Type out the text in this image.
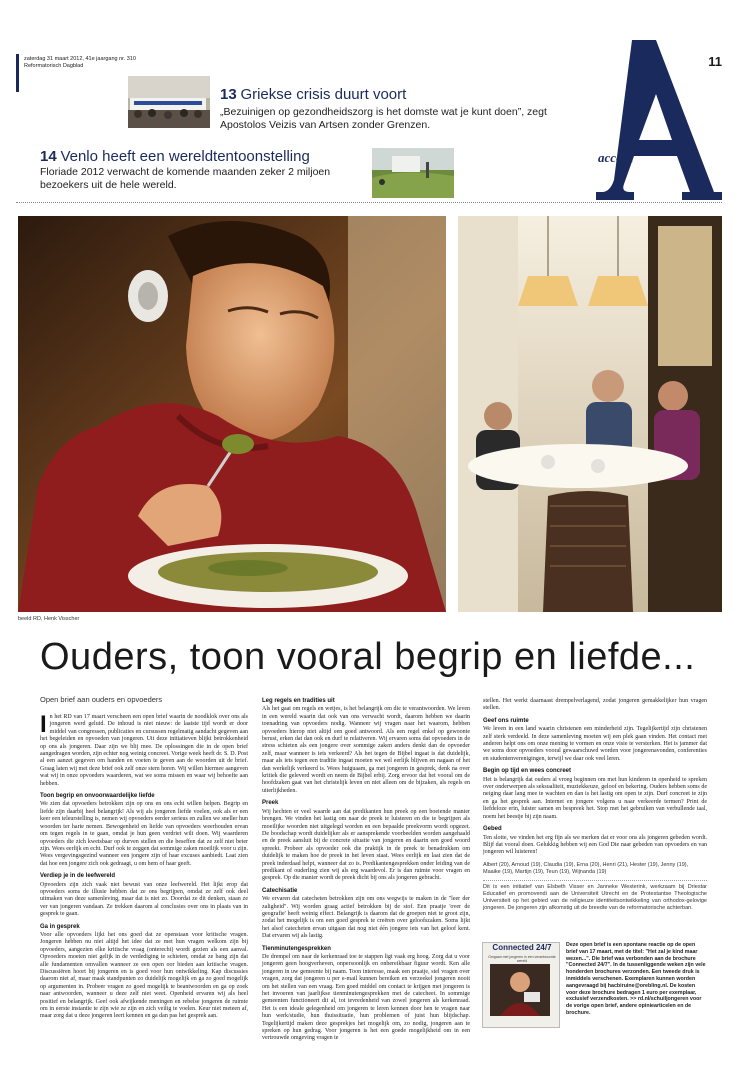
zaterdag 31 maart 2012, 41e jaargang nr. 310
Reformatorisch Dagblad	11
accent
13 Griekse crisis duurt voort
„Bezuinigen op gezondheidszorg is het domste wat je kunt doen”, zegt Apostolos Veizis van Artsen zonder Grenzen.
14 Venlo heeft een wereldtentoonstelling
Floriade 2012 verwacht de komende maanden zeker 2 miljoen bezoekers uit de hele wereld.
beeld RD, Henk Visscher
Ouders, toon vooral begrip en liefde...
Open brief aan ouders en opvoeders

In het RD van 17 maart verscheen een open brief waarin de noodklok over ons als jongeren werd geluid. De inhoud is niet nieuw: de laatste tijd wordt er door middel van congressen, publicaties en cursussen regelmatig aandacht gegeven aan het begeleiden en opvoeden van jongeren. Uit deze initiatieven blijkt betrokkenheid op ons als jongeren. Daar zijn we blij mee. De oplossingen die in de open brief aangedragen worden, zijn echter nog weinig concreet. Vorige week heeft dr. S. D. Post al een aanzet gegeven om handen en voeten te geven aan de woorden uit de brief. Graag laten wij met deze brief ook zelf onze stem horen. Wij willen hiermee aangeven wat wij in onze opvoeders waarderen, wat we soms missen en waar wij behoefte aan hebben.

Toon begrip en onvoorwaardelijke liefde

We zien dat opvoeders betrokken zijn op ons en ons echt willen helpen. Begrip en liefde zijn daarbij heel belangrijk! Als wij als jongeren liefde voelen, ook als er een keer een teleurstelling is, nemen wij opvoeders eerder serieus en zullen we sneller hun woorden ter harte nemen. Bewogenheid en liefde van opvoeders weerhouden ervan om tegen regels in te gaan, omdat je hun geen verdriet wilt doen. Wij waarderen opvoeders die zich kwetsbaar op durven stellen en die beseffen dat ze zelf niet beter zijn. Wees eerlijk en echt. Durf ook te zeggen dat sommige zaken moeilijk voor u zijn. Wees vergevingsgezind wanneer een jongere zijn of haar excuses aanbiedt. Laat zien dat hoe een jongere zich ook gedraagt, u om hem of haar geeft.

Verdiep je in de leefwereld

Opvoeders zijn zich vaak niet bewust van onze leefwereld. Het lijkt erop dat opvoeders soms de illusie hebben dat ze ons begrijpen, omdat ze zelf ook deel uitmaken van deze samenleving, maar dat is niet zo. Doordat ze dit denken, staan ze ver van jongeren vandaan. Ze trekken daarom al conclusies over ons in plaats van in gesprek te gaan.

Ga in gesprek

Voor alle opvoeders lijkt het ons goed dat ze openstaan voor kritische vragen. Jongeren hebben nu niet altijd het idee dat ze met hun vragen welkom zijn bij opvoeders, aangezien elke kritische vraag (onterecht) wordt gezien als een aanval. Opvoeders moeten niet gelijk in de verdediging te schieten, omdat ze bang zijn dat alle fundamenten omvallen wanneer ze een open oor bieden aan kritische vragen. Discussiëren hoort bij jongeren en is goed voor hun ontwikkeling. Kap discussies daarom niet af, maar maak standpunten zo duidelijk mogelijk en ga zo goed mogelijk op argumenten in. Probeer vragen zo goed mogelijk te beantwoorden en ga op zoek naar antwoorden, wanneer u deze zelf niet weet. Openheid ervaren wij als heel positief en belangrijk. Geef ook afwijkende meningen en rebelse jongeren de ruimte om in eerste instantie te zijn wie ze zijn en zich veilig te voelen. Keur niet meteen af, maar zorg dat u deze jongeren leert kennen en ga dan pas het gesprek aan.

Leg regels en tradities uit

Als het gaat om regels en wetjes, is het belangrijk om die te verantwoorden. We leven in een wereld waarin dat ook van ons verwacht wordt, daarom hebben we daarin toenadring van opvoeders nodig. Wanneer wij vragen naar het waarom, hebben opvoeders hierop niet altijd een goed antwoord. Als een regel enkel op gewoonte berust, erken dat dan ook en durf te relativeren. Wij ervaren soms dat opvoeders in de stress schieten als een jongere over sommige zaken anders denkt dan de opvoeder zelf, maar wanneer is iets verkeerd? Als het tegen de Bijbel ingaat is dat duidelijk, maar als iets tegen een traditie ingaat moeten we wel eerlijk blijven en nagaan of het dan werkelijk verkeerd is. Wees huiguaam, ga met jongeren in gesprek, denk na over kritiek die geleverd wordt en neem de Bijbel erbij. Zorg ervoor dat het vooral om de hoofdzaken gaat van het christelijk leven en niet alleen om de bijzaken, als regels en uiterlijkheden.

Preek

Wij hechten er veel waarde aan dat predikanten hun preek op een boeiende manier brengen. We vinden het lastig om naar de preek te luisteren en die te begrijpen als moeilijke woorden niet uitgelegd worden en een bepaalde preekvorm wordt opgezet. De boodschap wordt duidelijker als er aansprekende voorbeelden worden aangehaald en de preek aansluit bij de concrete situatie van jongeren en daarin een goed woord spreekt. Probeer als opvoeder ook die praktijk in de preek te benadrukken om duidelijk te maken hoe de preek in het leven staat. Wees eerlijk en laat zien dat de preek inderdaad helpt, wanneer dat zo is. Predikantengesprekken onder leiding van de predikant of ouderling zien wij als erg waardevol. Er is dan ruimte voor vragen en gesprek. Op die manier wordt de preek dicht bij ons als jongeren gebracht.

Catechisatie

We ervaren dat catecheten betrokken zijn om ons wegwijs te maken in de "leer der zaligheid". Wij worden graag actief betrokken bij de stof. Een praatje 'over de geografie' heeft weinig effect. Belangrijk is daarom dat de groepen niet te groot zijn, zodat het mogelijk is om een goed gesprek te creëren over geloofszaken. Soms lijkt het alsof catecheten ervan uitgaan dat nog niet één jongere iets van het geloof kent. Dat ervaren wij als lastig.

Tienminutengesprekken

De drempel om naar de kerkenraad toe te stappen ligt vaak erg hoog. Zorg dat u voor jongeren geen hoogverheven, onpersoonlijk en onbereikbaar figuur wordt. Ken alle jongeren in uw gemeente bij naam. Toon interesse, maak een praatje, stel vragen over vragen, zorg dat jongeren u per e-mail kunnen bereiken en verzeekel jongeren nooit om het stellen van een vraag. Een goed middel om contact te krijgen met jongeren is het invoeren van jaarlijkse tienminutengesprekken met de catecheet. In sommige gemeenten functioneert dit al, tot tevredenheid van zowel jongeren als kerkenraad. Het is een ideale gelegenheid om jongeren te leren kennen door hen te vragen naar hun werk/studie, hun thuissituatie, hun problemen of juist hun blijdschap. Tegelijkertijd maken deze gesprekjes het mogelijk om, zo nodig, jongeren aan te spreken op hun gedrag. Voor jongeren is het een goede mogelijkheid om in een vertrouwde omgeving vragen te

stellen. Het werkt daarnaast drempelverlagend, zodat jongeren gemakkelijker hun vragen stellen.

Geef ons ruimte

We leven in een land waarin christenen een minderheid zijn. Tegelijkertijd zijn christenen zelf sterk verdeeld. In deze samenleving moeten wij een plek gaan vinden. Het contact met anderen helpt ons om onze mening te vormen en onze visie te versterken. Het is jammer dat we soms door opvoeders vooral gewaarschuwd worden voor jongerenavonden, conferenties en studentenverenigingen, terwijl we daar ook veel leren.

Begin op tijd en wees concreet

Het is belangrijk dat ouders al vroeg beginnen om met hun kinderen in openheid te spreken over onderwerpen als seksualiteit, muziekkeuze, geloof en bekering. Ouders hebben soms de neiging daar lang mee te wachten en dan is het lastig om open te zijn. Durf concreet te zijn en ga het gesprek aan. Internet en jongere volgens u naar verkeerde termen? Print de liefdeloze erin, luister samen en bespreek het. Stop met het gebruiken van verbullende taal, noem het beestje bij zijn naam.

Gebed

Ten slotte, we vinden het erg fijn als we merken dat er voor ons als jongeren gebeden wordt. Blijf dat vooral doen. Gelukkig hebben wij een God Die naar gebeden van opvoeders en van jongeren wil luisteren!

Albert (20), Arnoud (19), Claudia (19), Erna (20), Henri (21), Hester (19), Jenny (19), Maaike (19), Martijn (19), Teun (19), Wijnanda (19)
Dit is een initiatief van Elsbeth Visser en Janneke Westerink, werkzaam bij Driestar Educatief en promovendi aan de Universiteit Utrecht en de Protestantse Theologische Universiteit op het gebied van de religieuze identiteitsontwikkeling van orthodox-gelovige jongeren. De jongeren zijn afkomstig uit de breedte van de reformatorische achterban.
Connected 24/7
Omgaan met jongeren in een verantwoorde wereld
Deze open brief is een spontane reactie op de open brief van 17 maart, met de titel: "Het zal je kind maar wezen...". Die brief was verbonden aan de brochure "Connected 24/7". In de tussenliggende weken zijn vele honderden brochures verzonden. Een tweede druk is inmiddels verschenen. Exemplaren kunnen worden aangevraagd bij hacbiruine@orebling.nl. De kosten voor deze brochure bedragen 1 euro per exemplaar, exclusief verzendkosten. >> rd.nl/schuiljongeren voor de vorige open brief, andere opiniearticelen en de brochure.
